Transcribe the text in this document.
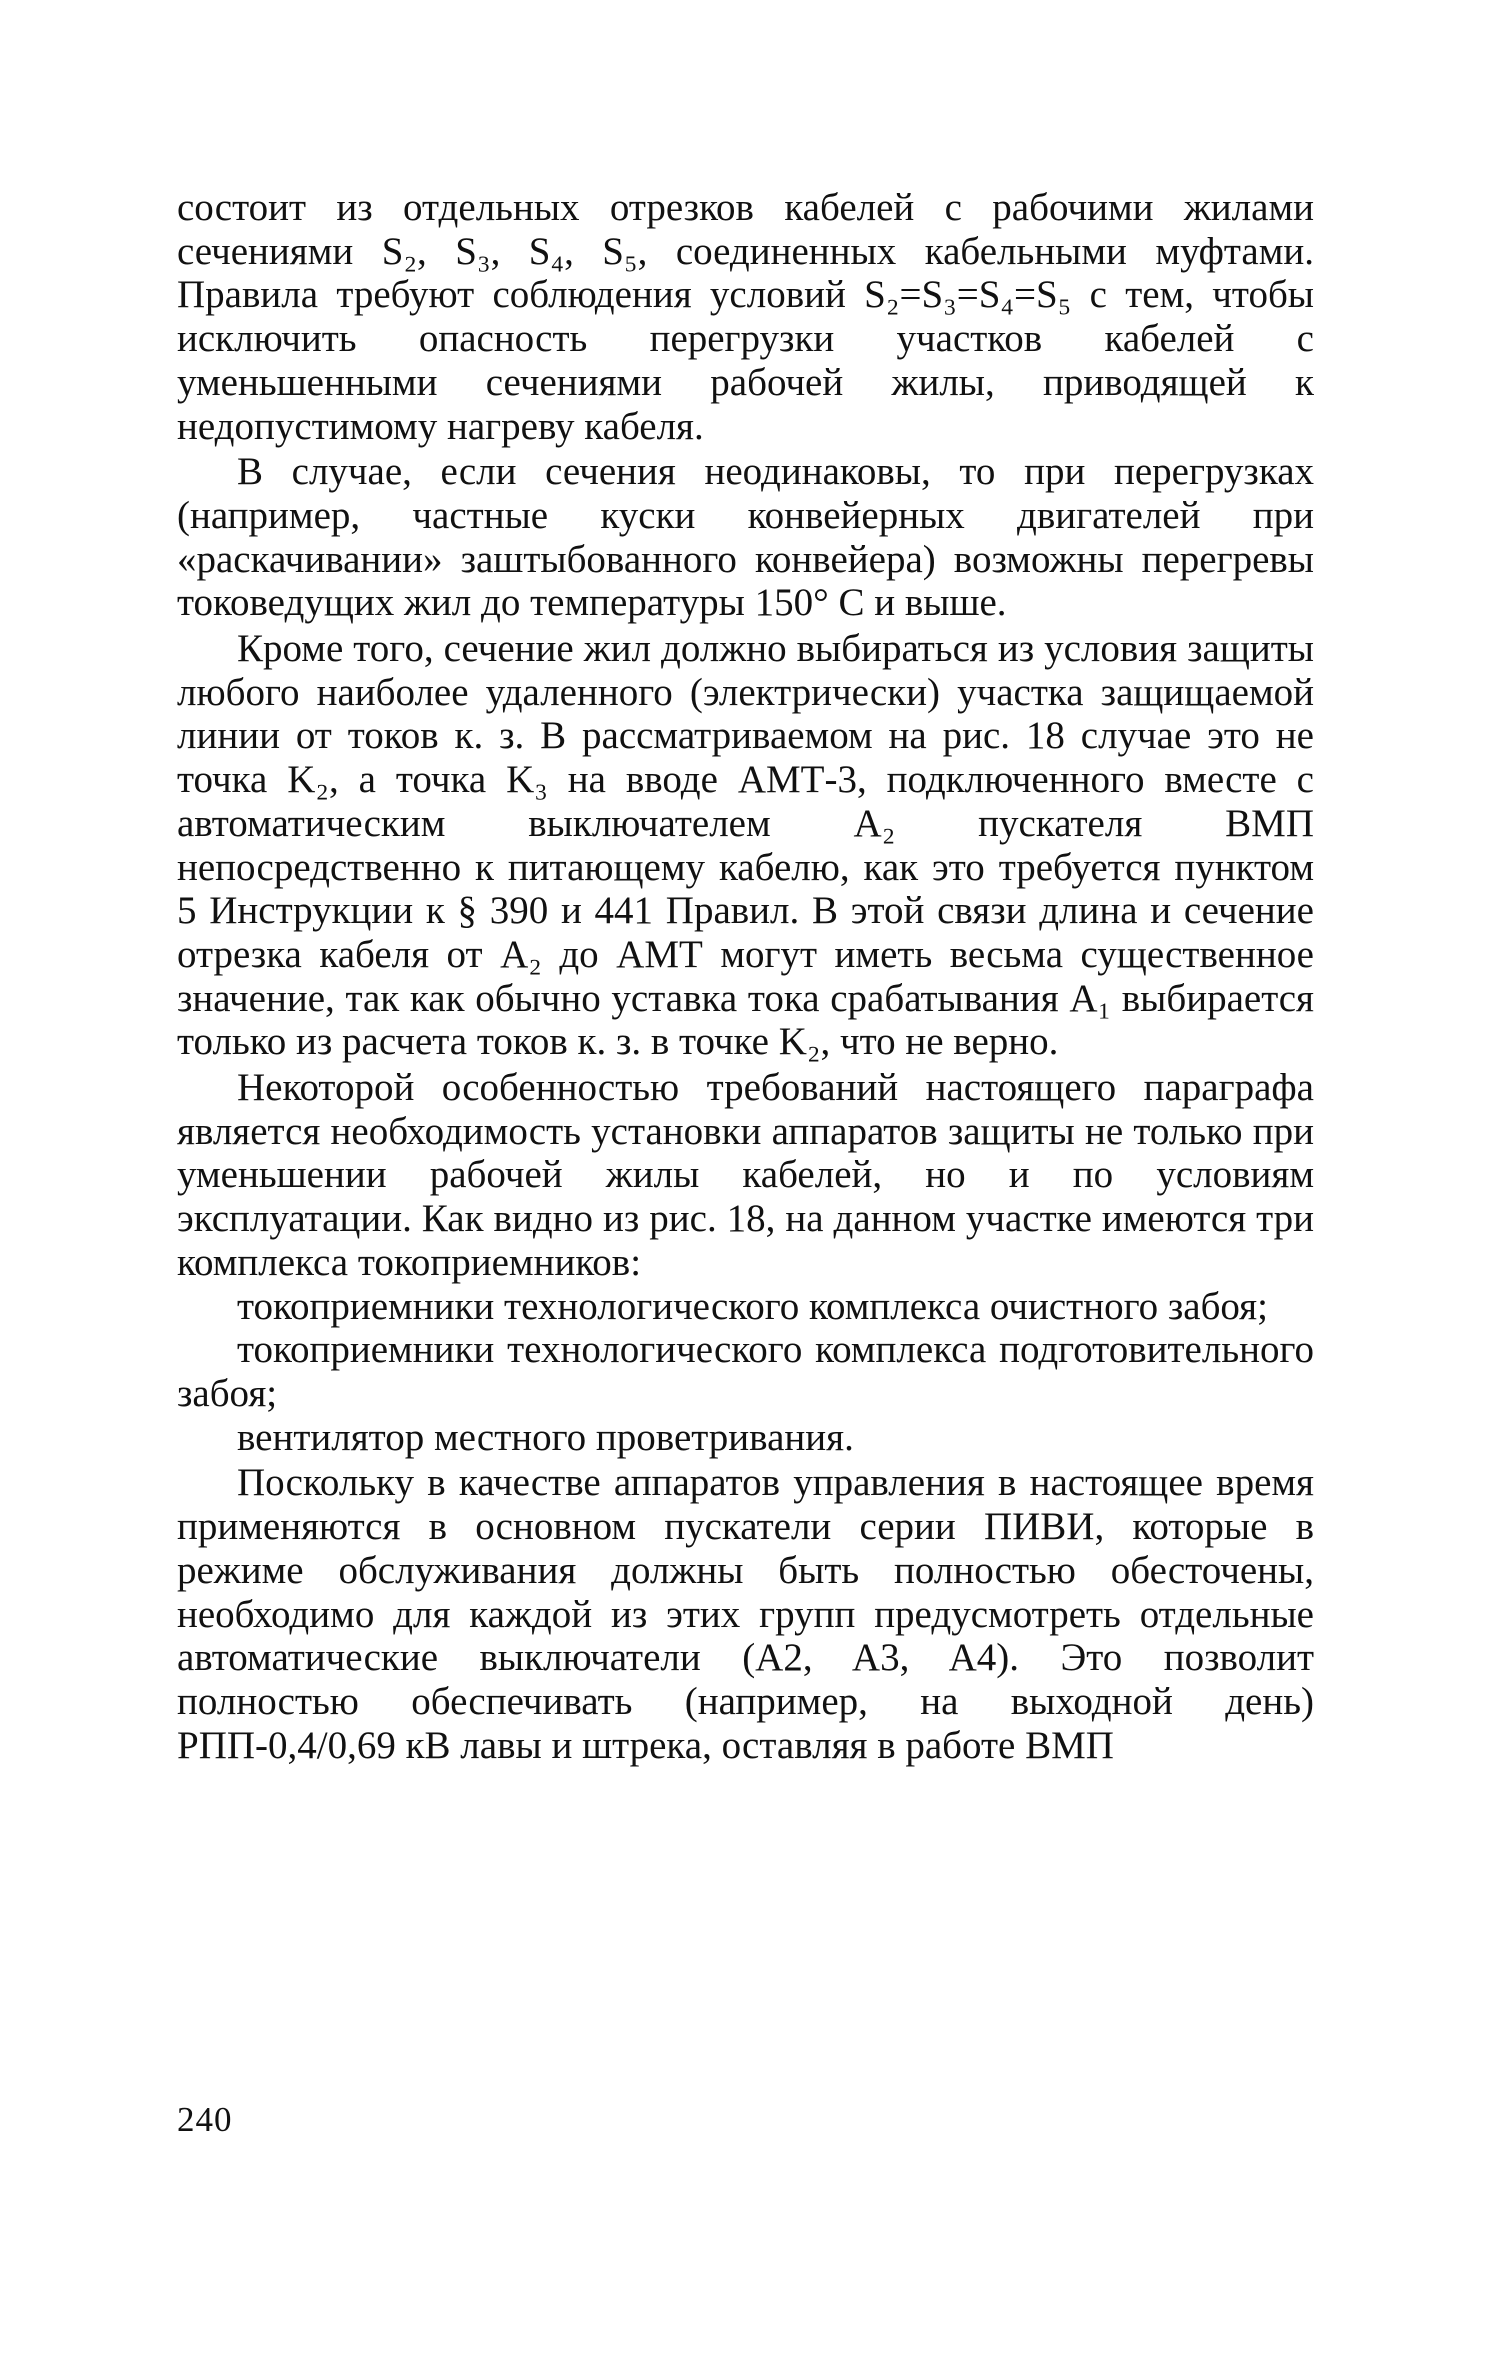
состоит из отдельных отрезков кабелей с рабочими жилами сечениями S₂, S₃, S₄, S₅, соединенных кабельными муфтами. Правила требуют соблюдения условий S₂=S₃=S₄=S₅ с тем, чтобы исключить опасность перегрузки участков кабелей с уменьшенными сечениями рабочей жилы, приводящей к недопустимому нагреву кабеля.

В случае, если сечения неодинаковы, то при перегрузках (например, частные куски конвейерных двигателей при «раскачивании» заштыбованного конвейера) возможны перегревы токоведущих жил до температуры 150° С и выше.

Кроме того, сечение жил должно выбираться из условия защиты любого наиболее удаленного (электрически) участка защищаемой линии от токов к. з. В рассматриваемом на рис. 18 случае это не точка K₂, а точка K₃ на вводе АМТ-3, подключенного вместе с автоматическим выключателем A₂ пускателя ВМП непосредственно к питающему кабелю, как это требуется пунктом 5 Инструкции к § 390 и 441 Правил. В этой связи длина и сечение отрезка кабеля от A₂ до АМТ могут иметь весьма существенное значение, так как обычно уставка тока срабатывания A₁ выбирается только из расчета токов к. з. в точке K₂, что не верно.

Некоторой особенностью требований настоящего параграфа является необходимость установки аппаратов защиты не только при уменьшении рабочей жилы кабелей, но и по условиям эксплуатации. Как видно из рис. 18, на данном участке имеются три комплекса токоприемников:

токоприемники технологического комплекса очистного забоя;

токоприемники технологического комплекса подготовительного забоя;

вентилятор местного проветривания.

Поскольку в качестве аппаратов управления в настоящее время применяются в основном пускатели серии ПИВИ, которые в режиме обслуживания должны быть полностью обесточены, необходимо для каждой из этих групп предусмотреть отдельные автоматические выключатели (A2, A3, A4). Это позволит полностью обеспечивать (например, на выходной день) РПП-0,4/0,69 кВ лавы и штрека, оставляя в работе ВМП

240
